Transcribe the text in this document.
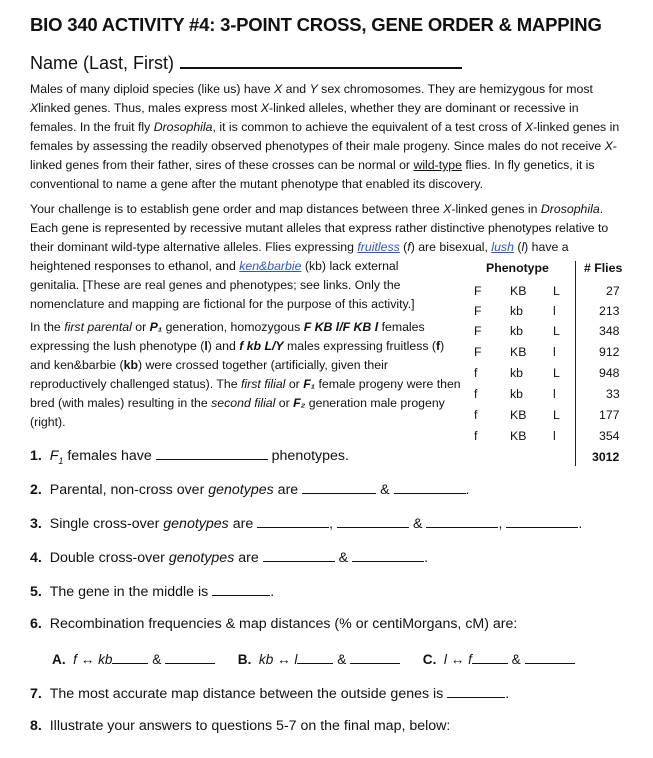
BIO 340 ACTIVITY #4: 3-POINT CROSS, GENE ORDER & MAPPING
Name (Last, First)
Males of many diploid species (like us) have X and Y sex chromosomes. They are hemizygous for most Xlinked genes. Thus, males express most X-linked alleles, whether they are dominant or recessive in females. In the fruit fly Drosophila, it is common to achieve the equivalent of a test cross of X-linked genes in females by assessing the readily observed phenotypes of their male progeny. Since males do not receive X-linked genes from their father, sires of these crosses can be normal or wild-type flies. In fly genetics, it is conventional to name a gene after the mutant phenotype that enabled its discovery.
Your challenge is to establish gene order and map distances between three X-linked genes in Drosophila. Each gene is represented by recessive mutant alleles that express rather distinctive phenotypes relative to their dominant wild-type alternative alleles. Flies expressing fruitless (f) are bisexual, lush (l) have a
heightened responses to ethanol, and ken&barbie (kb) lack external genitalia. [These are real genes and phenotypes; see links. Only the nomenclature and mapping are fictional for the purpose of this activity.]
In the first parental or P₁ generation, homozygous F KB l/F KB l females expressing the lush phenotype (l) and f kb L/Y males expressing fruitless (f) and ken&barbie (kb) were crossed together (artificially, given their reproductively challenged status). The first filial or F₁ female progeny were then bred (with males) resulting in the second filial or F₂ generation male progeny (right).
Phenotype	# Flies
F KB L	27
F kb l	213
F kb L	348
F KB l	912
f	kb L	948
f	kb l	33
f	KB L	177
f	KB l	354
3012
1. $F_1$ females have	phenotypes.
2. Parental, non-cross over genotypes are	&	.
3. Single cross-over genotypes are	,	&	,	.
4. Double cross-over genotypes are	&	.
5. The gene in the middle is	.
6. Recombination frequencies & map distances (% or centiMorgans, cM) are:
A. f ↔ kb	&	B. kb ↔ l	&	C. l ↔ f	&
7. The most accurate map distance between the outside genes is	.
8. Illustrate your answers to questions 5-7 on the final map, below:
